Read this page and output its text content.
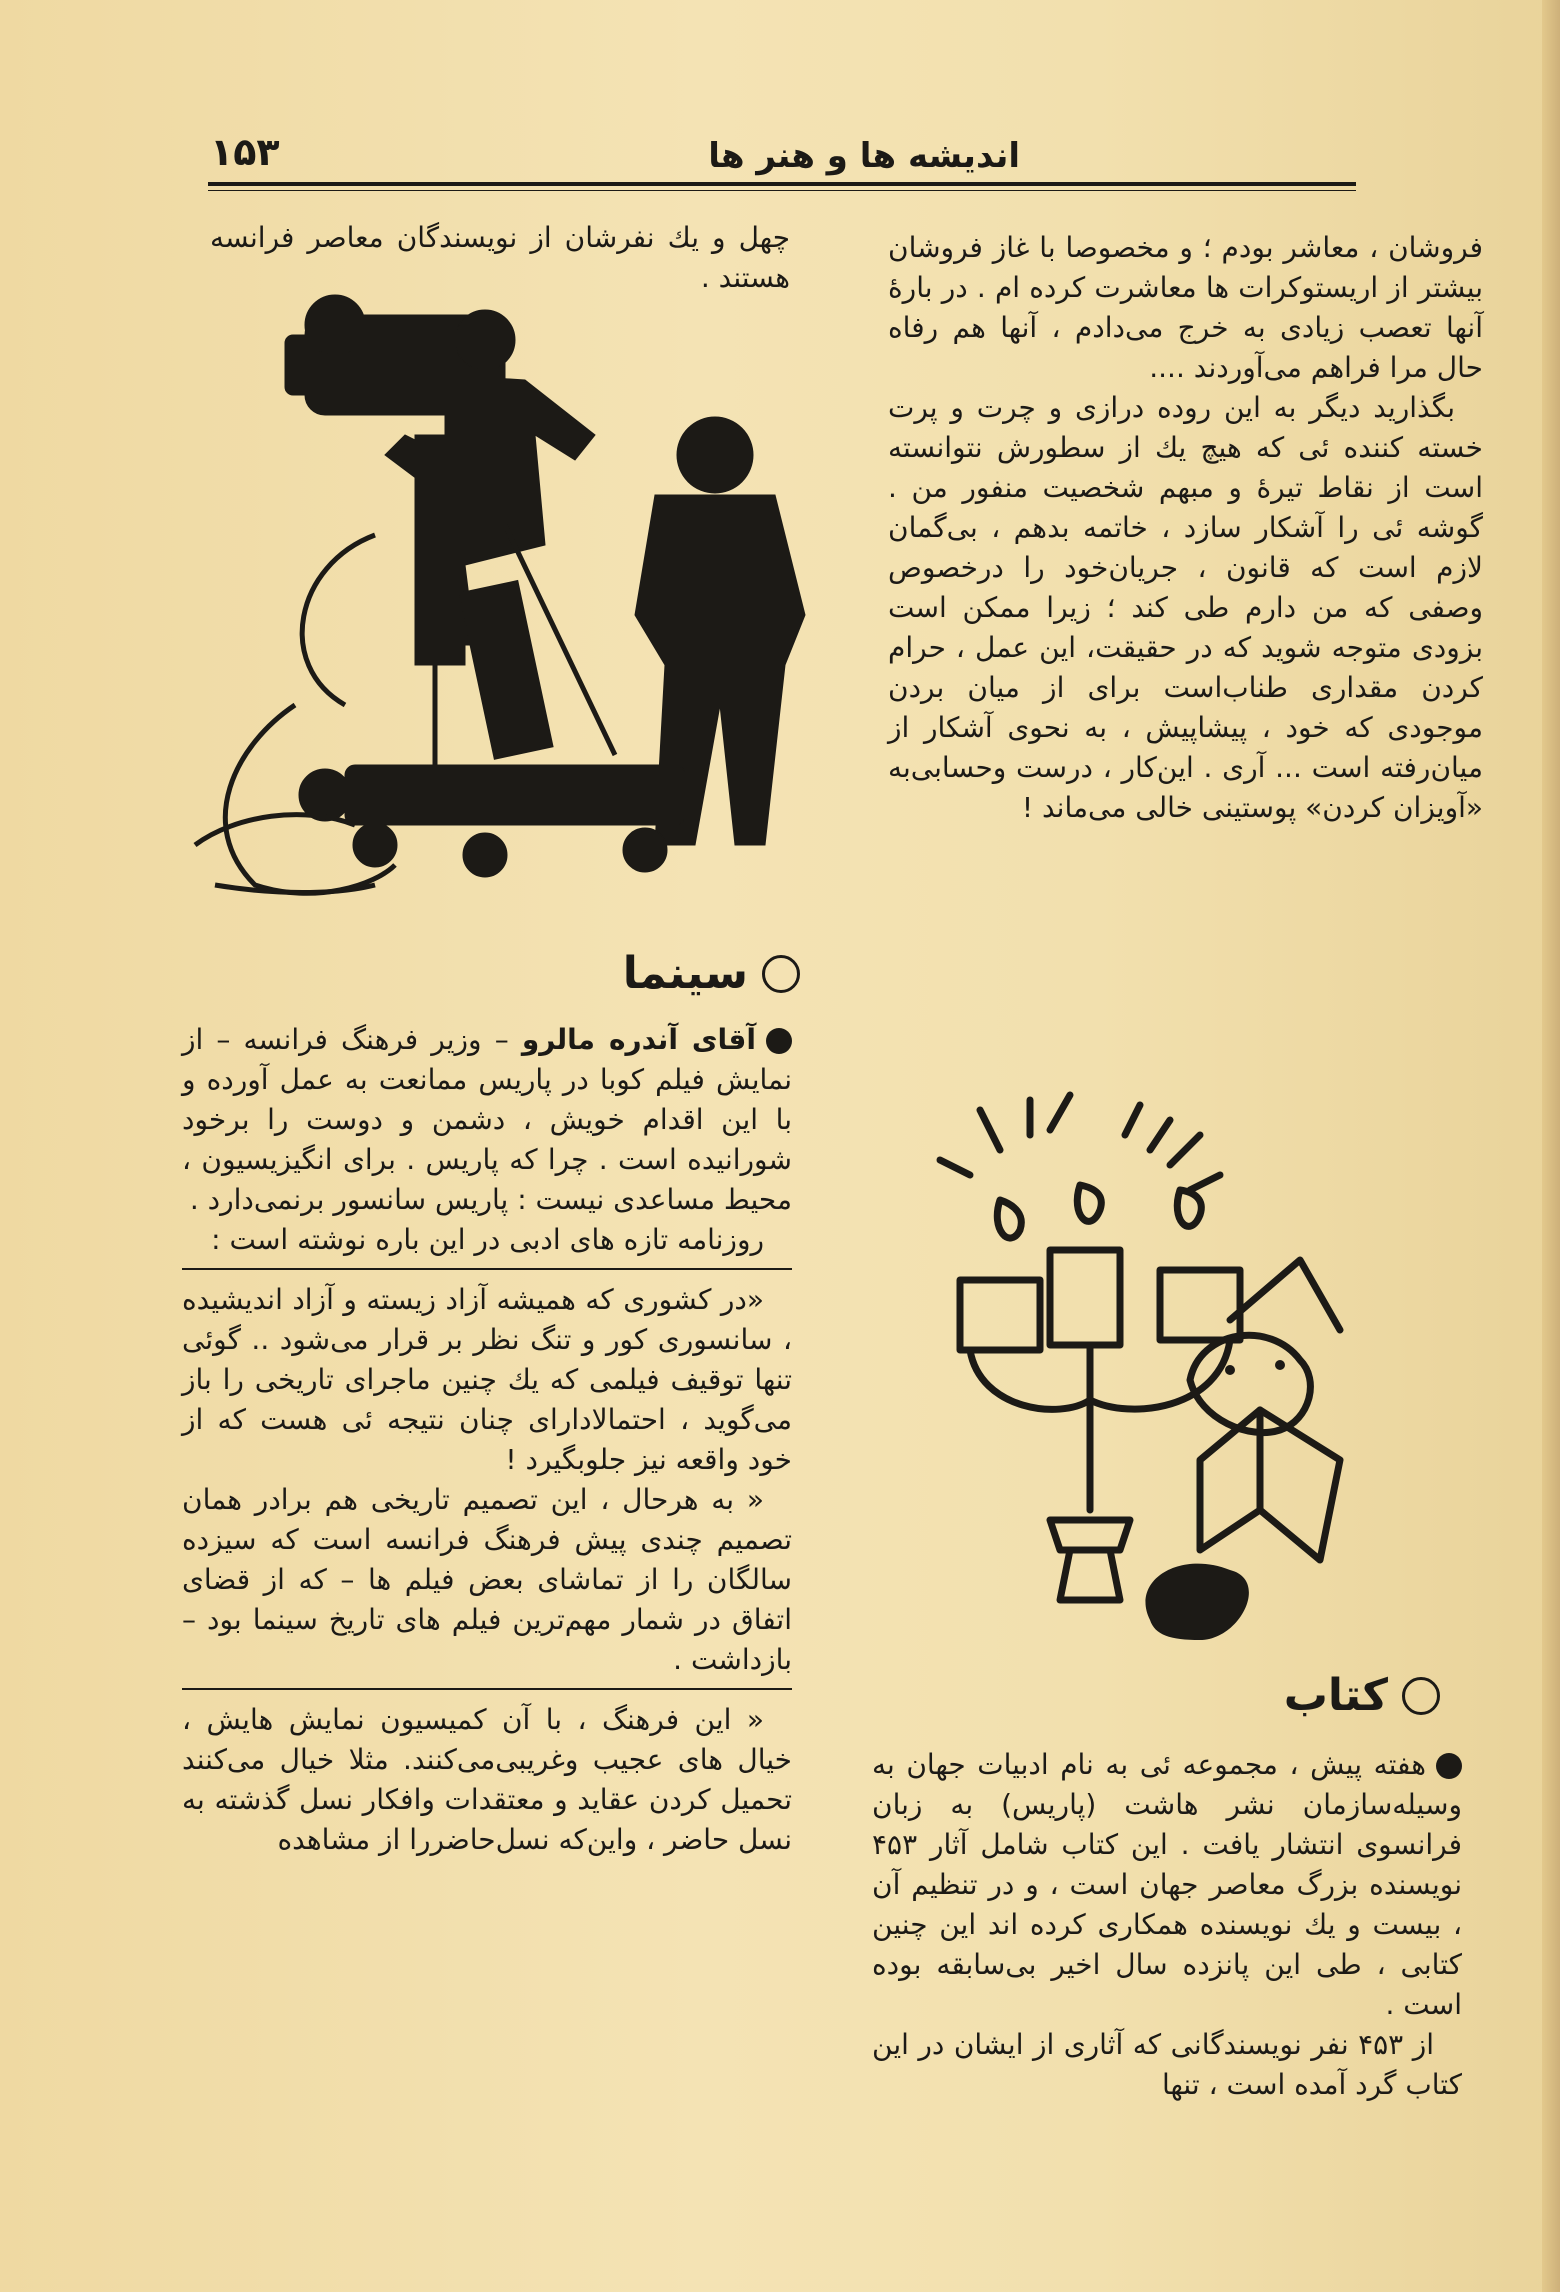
اندیشه ها و هنر ها
۱۵۳

فروشان ، معاشر بودم ؛ و مخصوصا با غاز فروشان بیشتر از اریستوکرات ها معاشرت کرده ام . در بارهٔ آنها تعصب زیادی به خرج می‌دادم ، آنها هم رفاه حال مرا فراهم می‌آوردند ....

بگذارید دیگر به این روده درازی و چرت و پرت خسته کننده ئی که هیچ یك از سطورش نتوانسته است از نقاط تیرهٔ و مبهم شخصیت منفور من . گوشه ئی را آشکار سازد ، خاتمه بدهم ، بی‌گمان لازم است که قانون ، جریان‌خود را درخصوص وصفی که من دارم طی کند ؛ زیرا ممکن است بزودی متوجه شوید که در حقیقت، این عمل ، حرام کردن مقداری طناب‌است برای از میان بردن موجودی که خود ، پیشاپیش ، به نحوی آشکار از میان‌رفته است ... آری . این‌کار ، درست وحسابی‌به «آویزان کردن» پوستینی خالی می‌ماند !

چهل و یك نفرشان از نویسندگان معاصر فرانسه هستند .

سینما

آقای آندره مالرو – وزیر فرهنگ فرانسه – از نمایش فیلم کوبا در پاریس ممانعت به عمل آورده و با این اقدام خویش ، دشمن و دوست را برخود شورانیده است . چرا که پاریس . برای انگیزیسیون ، محیط مساعدی نیست : پاریس سانسور برنمی‌دارد .

روزنامه تازه های ادبی در این باره نوشته است :

«در کشوری که همیشه آزاد زیسته و آزاد اندیشیده ، سانسوری کور و تنگ نظر بر قرار می‌شود .. گوئی تنها توقیف فیلمی که یك چنین ماجرای تاریخی را باز می‌گوید ، احتمالادارای چنان نتیجه ئی هست که از خود واقعه نیز جلوبگیرد !

« به هرحال ، این تصمیم تاریخی هم برادر همان تصمیم چندی پیش فرهنگ فرانسه است که سیزده سالگان را از تماشای بعض فیلم ها – که از قضای اتفاق در شمار مهم‌ترین فیلم های تاریخ سینما بود – بازداشت .

« این فرهنگ ، با آن کمیسیون نمایش هایش ، خیال های عجیب وغریبی‌می‌کنند. مثلا خیال می‌کنند تحمیل کردن عقاید و معتقدات وافکار نسل گذشته به نسل حاضر ، واین‌که نسل‌حاضررا از مشاهده

کتاب

هفته پیش ، مجموعه ئی به نام ادبیات جهان به وسیله‌سازمان نشر هاشت (پاریس) به زبان فرانسوی انتشار یافت . این کتاب شامل آثار ۴۵۳ نویسنده بزرگ معاصر جهان است ، و در تنظیم آن ، بیست و یك نویسنده همکاری کرده اند این چنین کتابی ، طی این پانزده سال اخیر بی‌سابقه بوده است .

از ۴۵۳ نفر نویسندگانی که آثاری از ایشان در این کتاب گرد آمده است ، تنها
